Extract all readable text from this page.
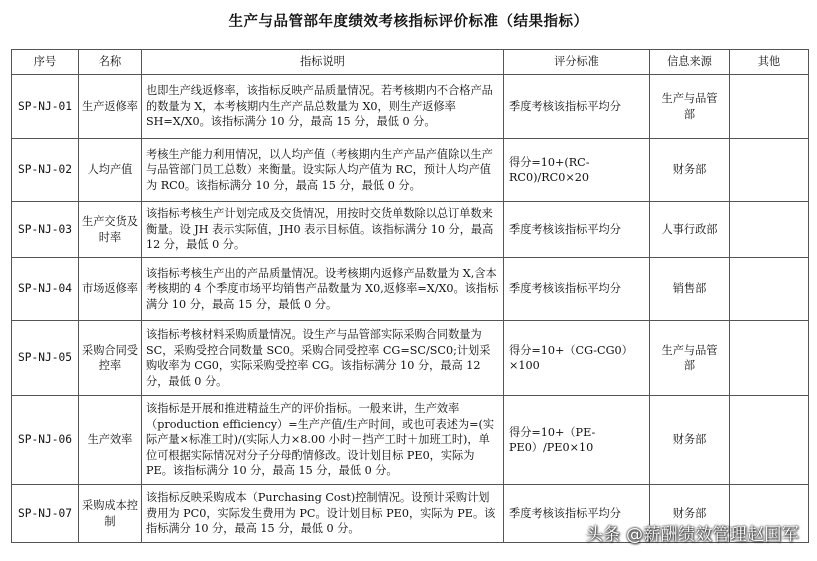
生产与品管部年度绩效考核指标评价标准（结果指标）
序号	名称	指标说明	评分标准	信息来源	其他
SP-NJ-01	生产返修率	也即生产线返修率，该指标反映产品质量情况。若考核期内不合格产品的数量为 X，本考核期内生产产品总数量为 X0，则生产返修率 SH=X/X0。该指标满分 10 分，最高 15 分，最低 0 分。	季度考核该指标平均分	生产与品管部	
SP-NJ-02	人均产值	考核生产能力利用情况，以人均产值（考核期内生产产品产值除以生产与品管部门员工总数）来衡量。设实际人均产值为 RC，预计人均产值为 RC0。该指标满分 10 分，最高 15 分，最低 0 分。	得分=10+(RC-RC0)/RC0×20	财务部	
SP-NJ-03	生产交货及时率	该指标考核生产计划完成及交货情况，用按时交货单数除以总订单数来衡量。设 JH 表示实际值，JH0 表示目标值。该指标满分 10 分，最高 12 分，最低 0 分。	季度考核该指标平均分	人事行政部	
SP-NJ-04	市场返修率	该指标考核生产出的产品质量情况。设考核期内返修产品数量为 X,含本考核期的 4 个季度市场平均销售产品数量为 X0,返修率=X/X0。该指标满分 10 分，最高 15 分，最低 0 分。	季度考核该指标平均分	销售部	
SP-NJ-05	采购合同受控率	该指标考核材料采购质量情况。设生产与品管部实际采购合同数量为 SC，采购受控合同数量 SC0。采购合同受控率 CG=SC/SC0;计划采购收率为 CG0，实际采购受控率 CG。该指标满分 10 分，最高 12 分，最低 0 分。	得分=10+（CG-CG0）×100	生产与品管部	
SP-NJ-06	生产效率	该指标是开展和推进精益生产的评价指标。一般来讲，生产效率（production efficiency）=生产产值/生产时间，或也可表述为=(实际产量×标准工时)/(实际人力×8.00 小时－挡产工时＋加班工时)，单位可根据实际情况对分子分母酌情修改。设计划目标 PE0，实际为 PE。该指标满分 10 分，最高 15 分，最低 0 分。	得分=10+（PE-PE0）/PE0×10	财务部	
SP-NJ-07	采购成本控制	该指标反映采购成本（Purchasing Cost)控制情况。设预计采购计划费用为 PC0，实际发生费用为 PC。设计划目标 PE0，实际为 PE。该指标满分 10 分，最高 15 分，最低 0 分。	季度考核该指标平均分	财务部	
头条 @薪酬绩效管理赵国军
